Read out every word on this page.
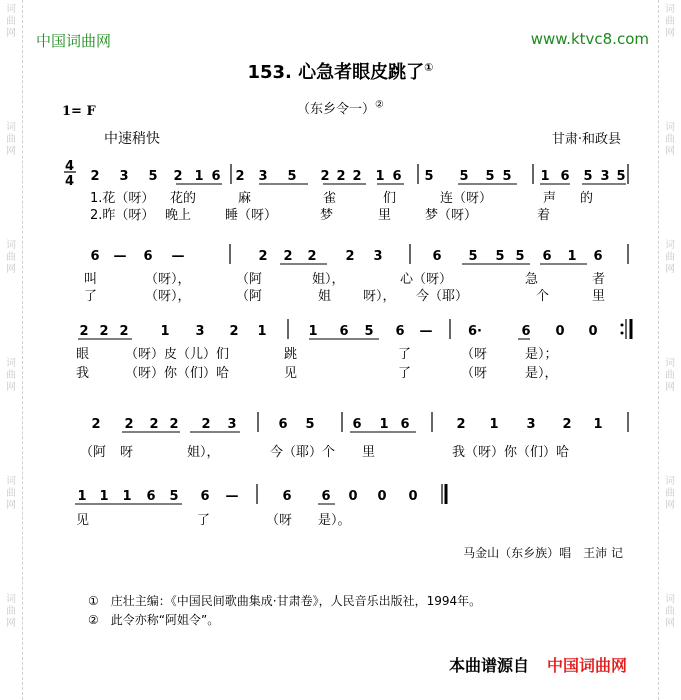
词
曲
网
词
曲
网
词
曲
网
词
曲
网
词
曲
网
词
曲
网
词
曲
网
词
曲
网
词
曲
网
词
曲
网
词
曲
网
词
曲
网
中国词曲网	www.ktvc8.com
153. 心急者眼皮跳了①
（东乡令一）②
1= F
中速稍快	甘肃·和政县
4
4 2 3 5 2 1 6 2 3 5 2 2 2 1 6 5 5 5 5 1 6 5 3 5
1.花（呀） 花的	麻	雀	们	连（呀）	声 的
2.昨（呀） 晚上	睡（呀）	梦	里	梦（呀）	着
6 — 6 —	2 2 2 2 3	6 5 5 5 6 1 6
叫	（呀），	（阿	姐），	心（呀）	急	者
了	（呀），	（阿	姐 呀）， 今（耶）	个	里
2 2 2 1 3 2 1	1 6 5 6 —	6·	6 0 0
眼	（呀）皮（儿）们	跳	了	（呀	是）；
我	（呀）你（们）哈	见	了	（呀	是），
2 2 2 2 2 3	6 5	6 1 6	2 1 3 2 1
（阿 呀	姐），	今（耶）个 里	我（呀）你（们）哈
1 1 1 6 5 6 —	6 6 0 0 0
见	了	（呀 是）。
马金山（东乡族）唱　王沛 记
①　 庄壮主编：《中国民间歌曲集成·甘肃卷》，人民音乐出版社，1994年。
②　 此令亦称“阿姐令”。
本曲谱源自 中国词曲网
